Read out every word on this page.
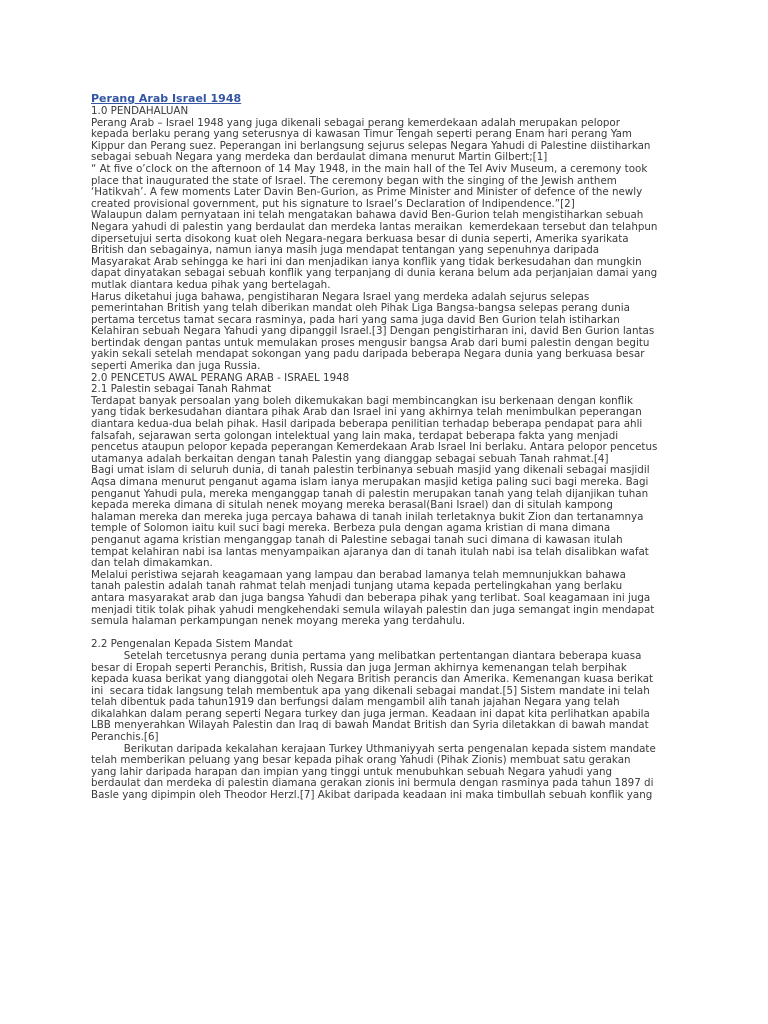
Perang Arab Israel 1948
1.0 PENDAHALUAN
Perang Arab – Israel 1948 yang juga dikenali sebagai perang kemerdekaan adalah merupakan pelopor
kepada berlaku perang yang seterusnya di kawasan Timur Tengah seperti perang Enam hari perang Yam
Kippur dan Perang suez. Peperangan ini berlangsung sejurus selepas Negara Yahudi di Palestine diistiharkan
sebagai sebuah Negara yang merdeka dan berdaulat dimana menurut Martin Gilbert;[1]
“ At five o’clock on the afternoon of 14 May 1948, in the main hall of the Tel Aviv Museum, a ceremony took
place that inaugurated the state of Israel. The ceremony began with the singing of the Jewish anthem
‘Hatikvah’. A few moments Later Davin Ben-Gurion, as Prime Minister and Minister of defence of the newly
created provisional government, put his signature to Israel’s Declaration of Indipendence.”[2]
Walaupun dalam pernyataan ini telah mengatakan bahawa david Ben-Gurion telah mengistiharkan sebuah
Negara yahudi di palestin yang berdaulat dan merdeka lantas meraikan  kemerdekaan tersebut dan telahpun
dipersetujui serta disokong kuat oleh Negara-negara berkuasa besar di dunia seperti, Amerika syarikata
British dan sebagainya, namun ianya masih juga mendapat tentangan yang sepenuhnya daripada
Masyarakat Arab sehingga ke hari ini dan menjadikan ianya konflik yang tidak berkesudahan dan mungkin
dapat dinyatakan sebagai sebuah konflik yang terpanjang di dunia kerana belum ada perjanjaian damai yang
mutlak diantara kedua pihak yang bertelagah.
Harus diketahui juga bahawa, pengistiharan Negara Israel yang merdeka adalah sejurus selepas
pemerintahan British yang telah diberikan mandat oleh Pihak Liga Bangsa-bangsa selepas perang dunia
pertama tercetus tamat secara rasminya, pada hari yang sama juga david Ben Gurion telah istiharkan
Kelahiran sebuah Negara Yahudi yang dipanggil Israel.[3] Dengan pengistirharan ini, david Ben Gurion lantas
bertindak dengan pantas untuk memulakan proses mengusir bangsa Arab dari bumi palestin dengan begitu
yakin sekali setelah mendapat sokongan yang padu daripada beberapa Negara dunia yang berkuasa besar
seperti Amerika dan juga Russia.
2.0 PENCETUS AWAL PERANG ARAB - ISRAEL 1948
2.1 Palestin sebagai Tanah Rahmat
Terdapat banyak persoalan yang boleh dikemukakan bagi membincangkan isu berkenaan dengan konflik
yang tidak berkesudahan diantara pihak Arab dan Israel ini yang akhirnya telah menimbulkan peperangan
diantara kedua-dua belah pihak. Hasil daripada beberapa penilitian terhadap beberapa pendapat para ahli
falsafah, sejarawan serta golongan intelektual yang lain maka, terdapat beberapa fakta yang menjadi
pencetus ataupun pelopor kepada peperangan Kemerdekaan Arab Israel Ini berlaku. Antara pelopor pencetus
utamanya adalah berkaitan dengan tanah Palestin yang dianggap sebagai sebuah Tanah rahmat.[4]
Bagi umat islam di seluruh dunia, di tanah palestin terbinanya sebuah masjid yang dikenali sebagai masjidil
Aqsa dimana menurut penganut agama islam ianya merupakan masjid ketiga paling suci bagi mereka. Bagi
penganut Yahudi pula, mereka menganggap tanah di palestin merupakan tanah yang telah dijanjikan tuhan
kepada mereka dimana di situlah nenek moyang mereka berasal(Bani Israel) dan di situlah kampong
halaman mereka dan mereka juga percaya bahawa di tanah inilah terletaknya bukit Zion dan tertanamnya
temple of Solomon iaitu kuil suci bagi mereka. Berbeza pula dengan agama kristian di mana dimana
penganut agama kristian menganggap tanah di Palestine sebagai tanah suci dimana di kawasan itulah
tempat kelahiran nabi isa lantas menyampaikan ajaranya dan di tanah itulah nabi isa telah disalibkan wafat
dan telah dimakamkan.
Melalui peristiwa sejarah keagamaan yang lampau dan berabad lamanya telah memnunjukkan bahawa
tanah palestin adalah tanah rahmat telah menjadi tunjang utama kepada pertelingkahan yang berlaku
antara masyarakat arab dan juga bangsa Yahudi dan beberapa pihak yang terlibat. Soal keagamaan ini juga
menjadi titik tolak pihak yahudi mengkehendaki semula wilayah palestin dan juga semangat ingin mendapat
semula halaman perkampungan nenek moyang mereka yang terdahulu.
2.2 Pengenalan Kepada Sistem Mandat
Setelah tercetusnya perang dunia pertama yang melibatkan pertentangan diantara beberapa kuasa
besar di Eropah seperti Peranchis, British, Russia dan juga Jerman akhirnya kemenangan telah berpihak
kepada kuasa berikat yang dianggotai oleh Negara British perancis dan Amerika. Kemenangan kuasa berikat
ini  secara tidak langsung telah membentuk apa yang dikenali sebagai mandat.[5] Sistem mandate ini telah
telah dibentuk pada tahun1919 dan berfungsi dalam mengambil alih tanah jajahan Negara yang telah
dikalahkan dalam perang seperti Negara turkey dan juga jerman. Keadaan ini dapat kita perlihatkan apabila
LBB menyerahkan Wilayah Palestin dan Iraq di bawah Mandat British dan Syria diletakkan di bawah mandat
Peranchis.[6]
Berikutan daripada kekalahan kerajaan Turkey Uthmaniyyah serta pengenalan kepada sistem mandate
telah memberikan peluang yang besar kepada pihak orang Yahudi (Pihak Zionis) membuat satu gerakan
yang lahir daripada harapan dan impian yang tinggi untuk menubuhkan sebuah Negara yahudi yang
berdaulat dan merdeka di palestin diamana gerakan zionis ini bermula dengan rasminya pada tahun 1897 di
Basle yang dipimpin oleh Theodor Herzl.[7] Akibat daripada keadaan ini maka timbullah sebuah konflik yang
